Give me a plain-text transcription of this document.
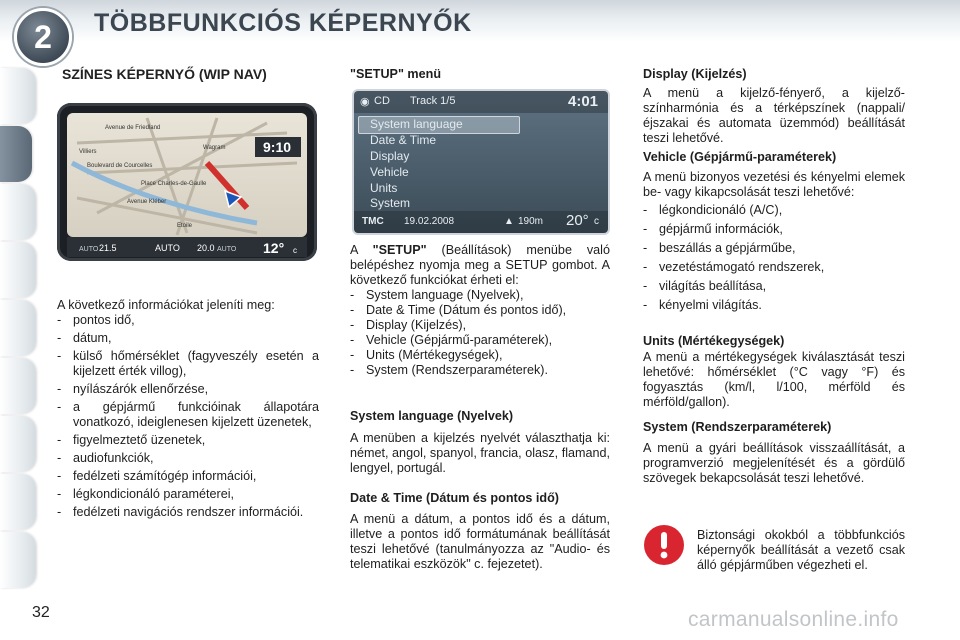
2	TÖBBFUNKCIÓS KÉPERNYŐK
SZÍNES KÉPERNYŐ (WIP NAV)
Avenue de Friedland
Villiers
Boulevard de Courcelles
Place Charles-de-Gaulle
Avenue Kléber
Wagram
Etoile
9:10
AUTO 21.5	AUTO 20.0 AUTO 12° c
A következő információkat jeleníti meg:
- pontos idő,
- dátum,
- külső hőmérséklet (fagyveszély esetén a kijelzett érték villog),
- nyílászárók ellenőrzése,
- a gépjármű funkcióinak állapotára vonatkozó, ideiglenesen kijelzett üzenetek,
- figyelmeztető üzenetek,
- audiofunkciók,
- fedélzeti számítógép információi,
- légkondicionáló paraméterei,
- fedélzeti navigációs rendszer információi.
"SETUP" menü
◉ CD Track 1/5	4:01
System language
Date & Time
Display
Vehicle
Units
System
TMC 19.02.2008	▲ 190m 20° c
A "SETUP" (Beállítások) menübe való belépéshez nyomja meg a SETUP gombot. A következő funkciókat érheti el:
- System language (Nyelvek),
- Date & Time (Dátum és pontos idő),
- Display (Kijelzés),
- Vehicle (Gépjármű-paraméterek),
- Units (Mértékegységek),
- System (Rendszerparaméterek).
System language (Nyelvek)
A menüben a kijelzés nyelvét választhatja ki: német, angol, spanyol, francia, olasz, flamand, lengyel, portugál.
Date & Time (Dátum és pontos idő)
A menü a dátum, a pontos idő és a dátum, illetve a pontos idő formátumának beállítását teszi lehetővé (tanulmányozza az "Audio- és telematikai eszközök" c. fejezetet).
Display (Kijelzés)
A menü a kijelző-fényerő, a kijelző-színharmónia és a térképszínek (nappali/éjszakai és automata üzemmód) beállítását teszi lehetővé.
Vehicle (Gépjármű-paraméterek)
A menü bizonyos vezetési és kényelmi elemek be- vagy kikapcsolását teszi lehetővé:
- légkondicionáló (A/C),
- gépjármű információk,
- beszállás a gépjárműbe,
- vezetéstámogató rendszerek,
- világítás beállítása,
- kényelmi világítás.
Units (Mértékegységek)
A menü a mértékegységek kiválasztását teszi lehetővé: hőmérséklet (°C vagy °F) és fogyasztás (km/l, l/100, mérföld és mérföld/gallon).
System (Rendszerparaméterek)
A menü a gyári beállítások visszaállítását, a programverzió megjelenítését és a gördülő szövegek bekapcsolását teszi lehetővé.
Biztonsági okokból a többfunkciós képernyők beállítását a vezető csak álló gépjárműben végezheti el.
32	carmanualsonline.info
